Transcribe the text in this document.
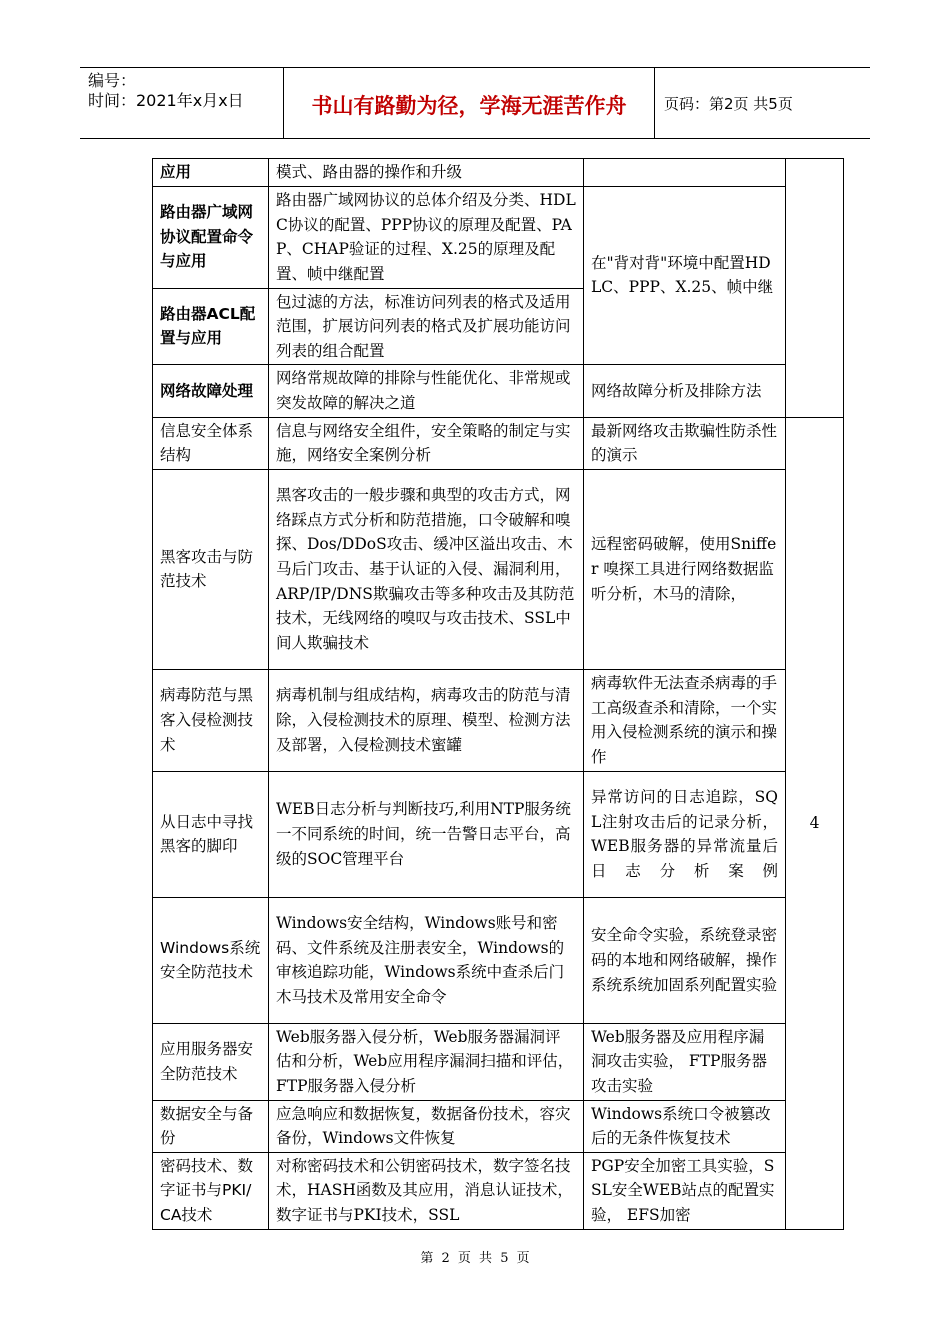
编号：
时间：2021年x月x日	书山有路勤为径，学海无涯苦作舟	页码：第2页 共5页
应用	模式、路由器的操作和升级		
路由器广域网协议配置命令与应用	路由器广域网协议的总体介绍及分类、HDLC协议的配置、PPP协议的原理及配置、PAP、CHAP验证的过程、X.25的原理及配置、帧中继配置	在"背对背"环境中配置HDLC、PPP、X.25、帧中继	
路由器ACL配置与应用	包过滤的方法，标准访问列表的格式及适用范围，扩展访问列表的格式及扩展功能访问列表的组合配置		
网络故障处理	网络常规故障的排除与性能优化、非常规或突发故障的解决之道	网络故障分析及排除方法	
信息安全体系结构	信息与网络安全组件，安全策略的制定与实施，网络安全案例分析	最新网络攻击欺骗性防杀性的演示	4
黑客攻击与防范技术	黑客攻击的一般步骤和典型的攻击方式，网络踩点方式分析和防范措施，口令破解和嗅探、Dos/DDoS攻击、缓冲区溢出攻击、木马后门攻击、基于认证的入侵、漏洞利用，ARP/IP/DNS欺骗攻击等多种攻击及其防范技术，无线网络的嗅叹与攻击技术、SSL中间人欺骗技术	远程密码破解，使用Sniffer 嗅探工具进行网络数据监听分析，木马的清除，	
病毒防范与黑客入侵检测技术	病毒机制与组成结构，病毒攻击的防范与清除，入侵检测技术的原理、模型、检测方法及部署，入侵检测技术蜜罐	病毒软件无法查杀病毒的手工高级查杀和清除，一个实用入侵检测系统的演示和操作	
从日志中寻找黑客的脚印	WEB日志分析与判断技巧,利用NTP服务统一不同系统的时间，统一告警日志平台，高级的SOC管理平台	异常访问的日志追踪，SQL注射攻击后的记录分析， WEB服务器的异常流量后日志分析案例	
Windows系统安全防范技术	Windows安全结构，Windows账号和密码、文件系统及注册表安全，Windows的审核追踪功能，Windows系统中查杀后门木马技术及常用安全命令	安全命令实验，系统登录密码的本地和网络破解，操作系统系统加固系列配置实验	
应用服务器安全防范技术	Web服务器入侵分析，Web服务器漏洞评估和分析，Web应用程序漏洞扫描和评估，FTP服务器入侵分析	Web服务器及应用程序漏洞攻击实验， FTP服务器攻击实验	
数据安全与备份	应急响应和数据恢复，数据备份技术，容灾备份，Windows文件恢复	Windows系统口令被篡改后的无条件恢复技术	
密码技术、数字证书与PKI/CA技术	对称密码技术和公钥密码技术，数字签名技术，HASH函数及其应用，消息认证技术，数字证书与PKI技术，SSL	PGP安全加密工具实验，SSL安全WEB站点的配置实验， EFS加密	
第 2 页 共 5 页
